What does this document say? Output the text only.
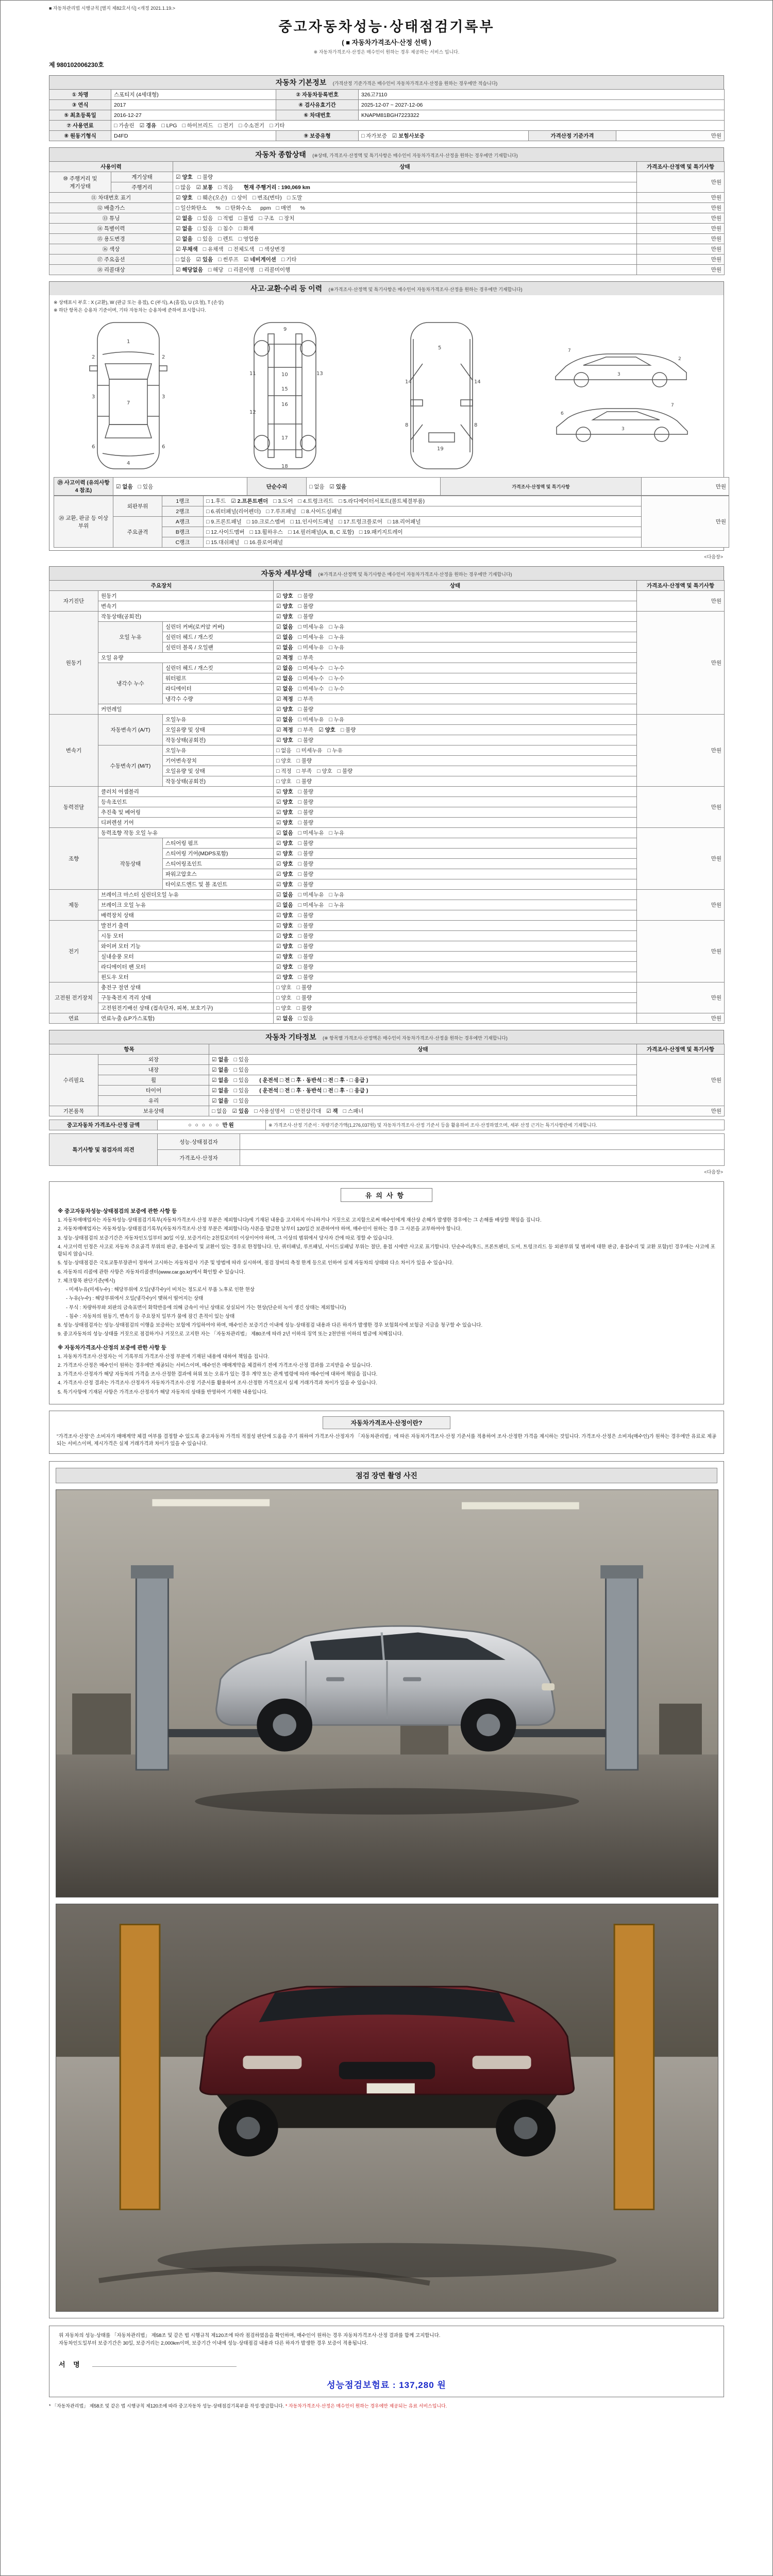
■ 자동차관리법 시행규칙 [별지 제82호서식] <개정 2021.1.19.>
중고자동차성능·상태점검기록부
( ■ 자동차가격조사·산정 선택 )
※ 자동차가격조사·산정은 매수인이 원하는 경우 제공하는 서비스 입니다.
제 980102006230호
자동차 기본정보 (가격산정 기준가격은 매수인이 자동차가격조사·산정을 원하는 경우에만 적습니다)
① 차명	스포티지 (4세대형)	② 자동차등록번호	326고7110		
③ 연식	2017	④ 검사유효기간	2025-12-07 ~ 2027-12-06		
⑤ 최초등록일	2016-12-27	⑥ 차대번호	KNAPM81BGH7223322		
⑦ 사용연료	□ 가솔린 ☑ 경유 □ LPG □ 하이브리드 □ 전기 □ 수소전기 □ 기타				
⑧ 원동기형식	D4FD	⑨ 보증유형	□ 자가보증 ☑ 보험사보증	가격산정 기준가격	만원
자동차 종합상태 (※상태, 가격조사·산정액 및 특기사항은 매수인이 자동차가격조사·산정을 원하는 경우에만 기재합니다)
사용이력		상태	가격조사·산정액 및 특기사항
⑩ 주행거리 및 계기상태	계기상태	☑ 양호 □ 불량	만원
	주행거리	□ 많음 ☑ 보통 □ 적음 현재 주행거리 : 190,069 km	
⑪ 차대번호 표기		☑ 양호 □ 훼손(오손) □ 상이 □ 변조(변타) □ 도말	만원
⑫ 배출가스		□ 일산화탄소      % □ 탄화수소      ppm □ 매연      %	만원
⑬ 튜닝		☑ 없음 □ 있음 □ 적법 □ 불법 □ 구조 □ 장치	만원
⑭ 특별이력		☑ 없음 □ 있음 □ 침수 □ 화재	만원
⑮ 용도변경		☑ 없음 □ 있음 □ 렌트 □ 영업용	만원
⑯ 색상		☑ 무채색 □ 유채색 □ 전체도색 □ 색상변경	만원
⑰ 주요옵션		□ 없음 ☑ 있음 □ 썬루프 ☑ 네비게이션 □ 기타	만원
⑱ 리콜대상		☑ 해당없음 □ 해당 □ 리콜이행 □ 리콜미이행	만원
사고·교환·수리 등 이력 (※가격조사·산정액 및 특기사항은 매수인이 자동차가격조사·산정을 원하는 경우에만 기재합니다)
※ 상태표시 부호 : X (교환), W (판금 또는 용접), C (부식), A (흠집), U (요철), T (손상)
※ 하단 항목은 승용차 기준이며, 기타 자동차는 승용차에 준하여 표시합니다.
1
2	2
3	3
7
6	6
4
9
10
16
17
18
11
12
13
15
14	14
8	8
19
5	7
3
2
7
3
6
⑲ 사고이력 (유의사항 4 참조)	☑ 없음 □ 있음	단순수리	□ 없음 ☑ 있음	가격조사·산정액 및 특기사항	만원
⑳ 교환, 판금 등 이상 부위	외판부위	1랭크	□ 1.후드 ☑ 2.프론트펜더 □ 3.도어 □ 4.트렁크리드 □ 5.라디에이터서포트(볼트체결부품)	만원
		2랭크	□ 6.쿼터패널(리어펜더) □ 7.루프패널 □ 8.사이드실패널	
	주요골격	A랭크	□ 9.프론트패널 □ 10.크로스멤버 □ 11.인사이드패널 □ 17.트렁크플로어 □ 18.리어패널	
		B랭크	□ 12.사이드멤버 □ 13.휠하우스 □ 14.필러패널(A, B, C 포함) □ 19.패키지트레이	
		C랭크	□ 15.대쉬패널 □ 16.플로어패널	
<다음장>
자동차 세부상태 (※가격조사·산정액 및 특기사항은 매수인이 자동차가격조사·산정을 원하는 경우에만 기재합니다)
주요장치			상태	가격조사·산정액 및 특기사항
자기진단	원동기		☑ 양호 □ 불량	만원
	변속기		☑ 양호 □ 불량	
원동기	작동상태(공회전)		☑ 양호 □ 불량	만원
	오일 누유	실린더 커버(로커암 커버)	☑ 없음 □ 미세누유 □ 누유	
		실린더 헤드 / 개스킷	☑ 없음 □ 미세누유 □ 누유	
		실린더 블록 / 오일팬	☑ 없음 □ 미세누유 □ 누유	
	오일 유량		☑ 적정 □ 부족	
	냉각수 누수	실린더 헤드 / 개스킷	☑ 없음 □ 미세누수 □ 누수	
		워터펌프	☑ 없음 □ 미세누수 □ 누수	
		라디에이터	☑ 없음 □ 미세누수 □ 누수	
		냉각수 수량	☑ 적정 □ 부족	
	커먼레일		☑ 양호 □ 불량	
변속기	자동변속기 (A/T)	오일누유	☑ 없음 □ 미세누유 □ 누유	만원
		오일유량 및 상태	☑ 적정 □ 부족 ☑ 양호 □ 불량	
		작동상태(공회전)	☑ 양호 □ 불량	
	수동변속기 (M/T)	오일누유	□ 없음 □ 미세누유 □ 누유	
		기어변속장치	□ 양호 □ 불량	
		오일유량 및 상태	□ 적정 □ 부족 □ 양호 □ 불량	
		작동상태(공회전)	□ 양호 □ 불량	
동력전달	클러치 어셈블리		☑ 양호 □ 불량	만원
	등속조인트		☑ 양호 □ 불량	
	추진축 및 베어링		☑ 양호 □ 불량	
	디퍼렌셜 기어		☑ 양호 □ 불량	
조향	동력조향 작동 오일 누유		☑ 없음 □ 미세누유 □ 누유	만원
	작동상태	스티어링 펌프	☑ 양호 □ 불량	
		스티어링 기어(MDPS포함)	☑ 양호 □ 불량	
		스티어링조인트	☑ 양호 □ 불량	
		파워고압호스	☑ 양호 □ 불량	
		타이로드엔드 및 볼 조인트	☑ 양호 □ 불량	
제동	브레이크 마스터 실린더오일 누유		☑ 없음 □ 미세누유 □ 누유	만원
	브레이크 오일 누유		☑ 없음 □ 미세누유 □ 누유	
	배력장치 상태		☑ 양호 □ 불량	
전기	발전기 출력		☑ 양호 □ 불량	만원
	시동 모터		☑ 양호 □ 불량	
	와이퍼 모터 기능		☑ 양호 □ 불량	
	실내송풍 모터		☑ 양호 □ 불량	
	라디에이터 팬 모터		☑ 양호 □ 불량	
	윈도우 모터		☑ 양호 □ 불량	
고전원 전기장치	충전구 절연 상태		□ 양호 □ 불량	만원
	구동축전지 격리 상태		□ 양호 □ 불량	
	고전원전기배선 상태 (접속단자, 피복, 보호기구)		□ 양호 □ 불량	
연료	연료누출 (LP가스포함)		☑ 없음 □ 있음	만원
자동차 기타정보 (※ 항목별 가격조사·산정액은 매수인이 자동차가격조사·산정을 원하는 경우에만 기재합니다)
항목		상태	가격조사·산정액 및 특기사항
수리필요	외장	☑ 없음 □ 있음	만원
	내장	☑ 없음 □ 있음	
	휠	☑ 없음 □ 있음 ( 운전석 □ 전 □ 후 · 동반석 □ 전 □ 후 · □ 응급 )	
	타이어	☑ 없음 □ 있음 ( 운전석 □ 전 □ 후 · 동반석 □ 전 □ 후 · □ 응급 )	
	유리	☑ 없음 □ 있음	
기본품목	보유상태	□ 없음 ☑ 있음 □ 사용설명서 □ 안전삼각대 ☑ 잭 □ 스패너	만원
중고자동차 가격조사·산정 금액	○ ○ ○ ○ ○ 만원	※ 가격조사·산정 기준서 : 차량기준가액(1,276,037원) 및 자동차가격조사·산정 기준서 등을 활용하여 조사·산정하였으며, 세부 산정 근거는 특기사항란에 기재합니다.
특기사항 및 점검자의 의견	성능·상태점검자	
	가격조사·산정자	
<다음장>
유의사항
※ 중고자동차성능·상태점검의 보증에 관한 사항 등
1. 자동차매매업자는 자동차성능·상태점검기록부(자동차가격조사·산정 부분은 제외합니다)에 기재된 내용을 고지하지 아니하거나 거짓으로 고지함으로써 매수인에게 재산상 손해가 발생한 경우에는 그 손해를 배상할 책임을 집니다.
2. 자동차매매업자는 자동차성능·상태점검기록부(자동차가격조사·산정 부분은 제외합니다) 사본을 발급한 날부터 120일간 보관하여야 하며, 매수인이 원하는 경우 그 사본을 교부하여야 합니다.
3. 성능·상태점검의 보증기간은 자동차인도일부터 30일 이상, 보증거리는 2천킬로미터 이상이어야 하며, 그 이상의 범위에서 당사자 간에 따로 정할 수 있습니다.
4. 사고이력 인정은 사고로 자동차 주요골격 부위의 판금, 용접수리 및 교환이 있는 경우로 한정합니다. 단, 쿼터패널, 루프패널, 사이드실패널 부위는 절단, 용접 시에만 사고로 표기합니다. 단순수리(후드, 프론트펜더, 도어, 트렁크리드 등 외판부위 및 범퍼에 대한 판금, 용접수리 및 교환 포함)인 경우에는 사고에 포함되지 않습니다.
5. 성능·상태점검은 국토교통부장관이 정하여 고시하는 자동차검사 기준 및 방법에 따라 실시하며, 점검 장비의 측정 한계 등으로 인하여 실제 자동차의 상태와 다소 차이가 있을 수 있습니다.
6. 자동차의 리콜에 관한 사항은 자동차리콜센터(www.car.go.kr)에서 확인할 수 있습니다.
7. 체크항목 판단기준(예시)
- 미세누유(미세누수) : 해당부위에 오일(냉각수)이 비치는 정도로서 부품 노후로 인한 현상
- 누유(누수) : 해당부위에서 오일(냉각수)이 맺혀서 떨어지는 상태
- 부식 : 차량하부와 외판의 금속표면이 화학반응에 의해 금속이 아닌 상태로 상실되어 가는 현상(단순히 녹이 생긴 상태는 제외합니다)
- 침수 : 자동차의 원동기, 변속기 등 주요장치 일부가 물에 잠긴 흔적이 있는 상태
8. 성능·상태점검자는 성능·상태점검의 이행을 보증하는 보험에 가입하여야 하며, 매수인은 보증기간 이내에 성능·상태점검 내용과 다른 하자가 발생한 경우 보험회사에 보험금 지급을 청구할 수 있습니다.
9. 중고자동차의 성능·상태를 거짓으로 점검하거나 거짓으로 고지한 자는 「자동차관리법」 제80조에 따라 2년 이하의 징역 또는 2천만원 이하의 벌금에 처해집니다.
※ 자동차가격조사·산정의 보증에 관한 사항 등
1. 자동차가격조사·산정자는 이 기록부의 가격조사·산정 부분에 기재된 내용에 대하여 책임을 집니다.
2. 가격조사·산정은 매수인이 원하는 경우에만 제공되는 서비스이며, 매수인은 매매계약을 체결하기 전에 가격조사·산정 결과를 고지받을 수 있습니다.
3. 가격조사·산정자가 해당 자동차의 가격을 조사·산정한 결과에 허위 또는 오류가 있는 경우 계약 또는 관계 법령에 따라 매수인에 대하여 책임을 집니다.
4. 가격조사·산정 결과는 가격조사·산정자가 자동차가격조사·산정 기준서를 활용하여 조사·산정한 가격으로서 실제 거래가격과 차이가 있을 수 있습니다.
5. 특기사항에 기재된 사항은 가격조사·산정자가 해당 자동차의 상태를 반영하여 기재한 내용입니다.
자동차가격조사·산정이란?
"가격조사·산정"은 소비자가 매매계약 체결 여부를 결정할 수 있도록 중고자동차 가격의 적절성 판단에 도움을 주기 위하여 가격조사·산정자가 「자동차관리법」에 따른 자동차가격조사·산정 기준서를 적용하여 조사·산정한 가격을 제시하는 것입니다. 가격조사·산정은 소비자(매수인)가 원하는 경우에만 유료로 제공되는 서비스이며, 제시가격은 실제 거래가격과 차이가 있을 수 있습니다.
점검 장면 촬영 사진
위 자동차의 성능·상태를 「자동차관리법」 제58조 및 같은 법 시행규칙 제120조에 따라 점검하였음을 확인하며, 매수인이 원하는 경우 자동차가격조사·산정 결과를 함께 고지합니다.
자동차인도일부터 보증기간은 30일, 보증거리는 2,000km이며, 보증기간 이내에 성능·상태점검 내용과 다른 하자가 발생한 경우 보증이 적용됩니다.
서 명
성능점검보험료 : 137,280 원
* 「자동차관리법」 제58조 및 같은 법 시행규칙 제120조에 따라 중고자동차 성능·상태점검기록부를 작성·발급합니다. * 자동차가격조사·산정은 매수인이 원하는 경우에만 제공되는 유료 서비스입니다.
